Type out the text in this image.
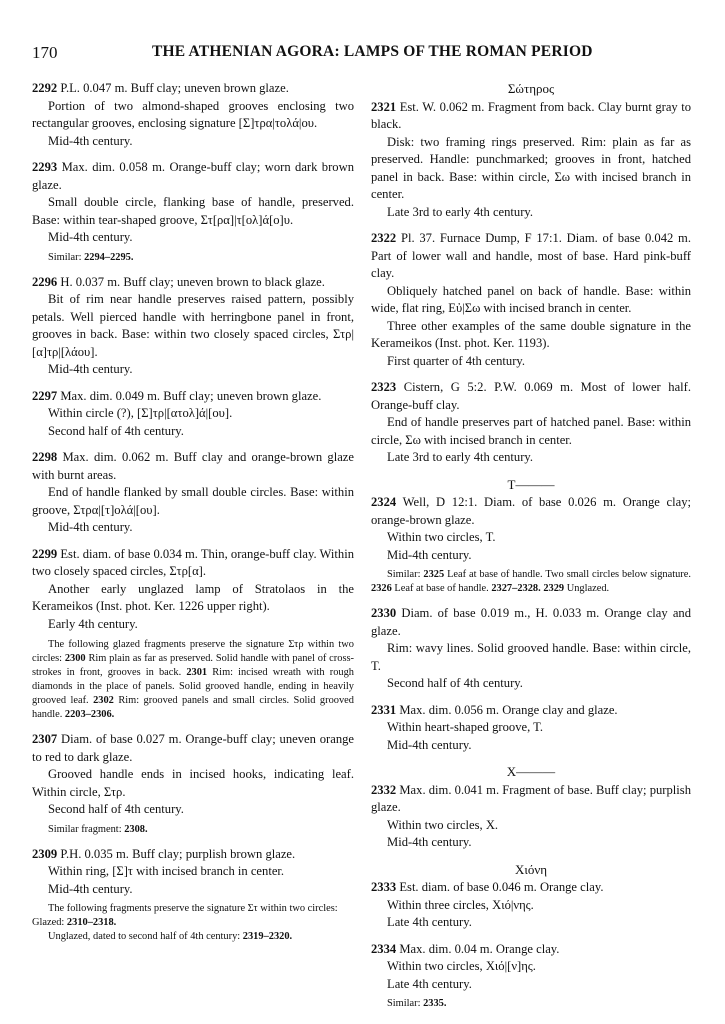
170	THE ATHENIAN AGORA: LAMPS OF THE ROMAN PERIOD

2292 P.L. 0.047 m. Buff clay; uneven brown glaze.

Portion of two almond-shaped grooves enclosing two rectangular grooves, enclosing signature [Σ]τρα|τολά|ου.

Mid-4th century.

2293 Max. dim. 0.058 m. Orange-buff clay; worn dark brown glaze.

Small double circle, flanking base of handle, preserved. Base: within tear-shaped groove, Στ[ρα]|τ[ολ]ά[ο]υ.

Mid-4th century.

Similar: 2294–2295.

2296 H. 0.037 m. Buff clay; uneven brown to black glaze.

Bit of rim near handle preserves raised pattern, possibly petals. Well pierced handle with herringbone panel in front, grooves in back. Base: within two closely spaced circles, Στρ|[α]τρ|[λάου].

Mid-4th century.

2297 Max. dim. 0.049 m. Buff clay; uneven brown glaze.

Within circle (?), [Σ]τρ|[ατολ]ά|[ου].

Second half of 4th century.

2298 Max. dim. 0.062 m. Buff clay and orange-brown glaze with burnt areas.

End of handle flanked by small double circles. Base: within groove, Στρα|[τ]ολά|[ου].

Mid-4th century.

2299 Est. diam. of base 0.034 m. Thin, orange-buff clay. Within two closely spaced circles, Στρ[α].

Another early unglazed lamp of Stratolaos in the Kerameikos (Inst. phot. Ker. 1226 upper right).

Early 4th century.

The following glazed fragments preserve the signature Στρ within two circles: 2300 Rim plain as far as preserved. Solid handle with panel of cross-strokes in front, grooves in back. 2301 Rim: incised wreath with rough diamonds in the place of panels. Solid grooved handle, ending in heavily grooved leaf. 2302 Rim: grooved panels and small circles. Solid grooved handle. 2203–2306.

2307 Diam. of base 0.027 m. Orange-buff clay; uneven orange to red to dark glaze.

Grooved handle ends in incised hooks, indicating leaf. Within circle, Στρ.

Second half of 4th century.

Similar fragment: 2308.

2309 P.H. 0.035 m. Buff clay; purplish brown glaze.

Within ring, [Σ]τ with incised branch in center.

Mid-4th century.

The following fragments preserve the signature Στ within two circles:

Glazed: 2310–2318.

Unglazed, dated to second half of 4th century: 2319–2320.

Σώτηρος

2321 Est. W. 0.062 m. Fragment from back. Clay burnt gray to black.

Disk: two framing rings preserved. Rim: plain as far as preserved. Handle: punchmarked; grooves in front, hatched panel in back. Base: within circle, Σω with incised branch in center.

Late 3rd to early 4th century.

2322 Pl. 37. Furnace Dump, F 17:1. Diam. of base 0.042 m. Part of lower wall and handle, most of base. Hard pink-buff clay.

Obliquely hatched panel on back of handle. Base: within wide, flat ring, Εὐ|Σω with incised branch in center.

Three other examples of the same double signature in the Kerameikos (Inst. phot. Ker. 1193).

First quarter of 4th century.

2323 Cistern, G 5:2. P.W. 0.069 m. Most of lower half. Orange-buff clay.

End of handle preserves part of hatched panel. Base: within circle, Σω with incised branch in center.

Late 3rd to early 4th century.

T———

2324 Well, D 12:1. Diam. of base 0.026 m. Orange clay; orange-brown glaze.

Within two circles, T.

Mid-4th century.

Similar: 2325 Leaf at base of handle. Two small circles below signature. 2326 Leaf at base of handle. 2327–2328. 2329 Unglazed.

2330 Diam. of base 0.019 m., H. 0.033 m. Orange clay and glaze.

Rim: wavy lines. Solid grooved handle. Base: within circle, T.

Second half of 4th century.

2331 Max. dim. 0.056 m. Orange clay and glaze.

Within heart-shaped groove, T.

Mid-4th century.

X———

2332 Max. dim. 0.041 m. Fragment of base. Buff clay; purplish glaze.

Within two circles, X.

Mid-4th century.

Χιόνη

2333 Est. diam. of base 0.046 m. Orange clay.

Within three circles, Χιό|νης.

Late 4th century.

2334 Max. dim. 0.04 m. Orange clay.

Within two circles, Χιό|[ν]ης.

Late 4th century.

Similar: 2335.
